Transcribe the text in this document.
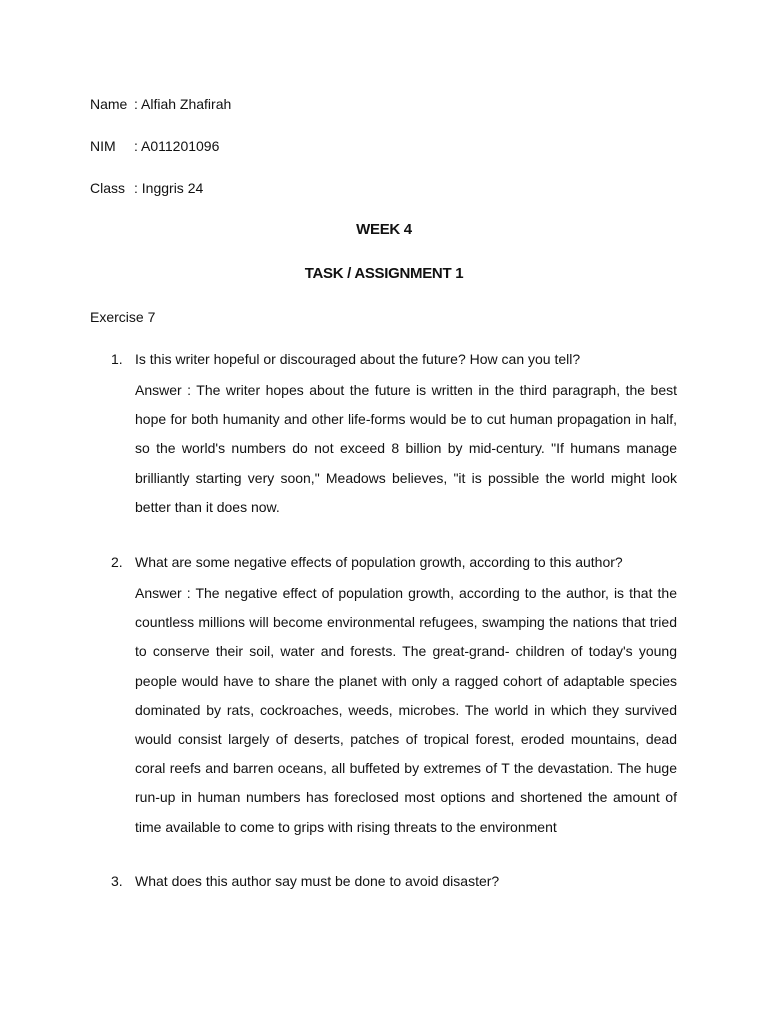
Name : Alfiah Zhafirah
NIM	: A011201096
Class : Inggris 24
WEEK 4
TASK / ASSIGNMENT 1
Exercise 7
1. Is this writer hopeful or discouraged about the future? How can you tell?
Answer : The writer hopes about the future is written in the third paragraph, the best hope for both humanity and other life-forms would be to cut human propagation in half, so the world's numbers do not exceed 8 billion by mid-century. "If humans manage brilliantly starting very soon," Meadows believes, "it is possible the world might look better than it does now.
2. What are some negative effects of population growth, according to this author?
Answer : The negative effect of population growth, according to the author, is that the countless millions will become environmental refugees, swamping the nations that tried to conserve their soil, water and forests. The great-grand- children of today's young people would have to share the planet with only a ragged cohort of adaptable species dominated by rats, cockroaches, weeds, microbes. The world in which they survived would consist largely of deserts, patches of tropical forest, eroded mountains, dead coral reefs and barren oceans, all buffeted by extremes of T the devastation. The huge run-up in human numbers has foreclosed most options and shortened the amount of time available to come to grips with rising threats to the environment
3. What does this author say must be done to avoid disaster?
